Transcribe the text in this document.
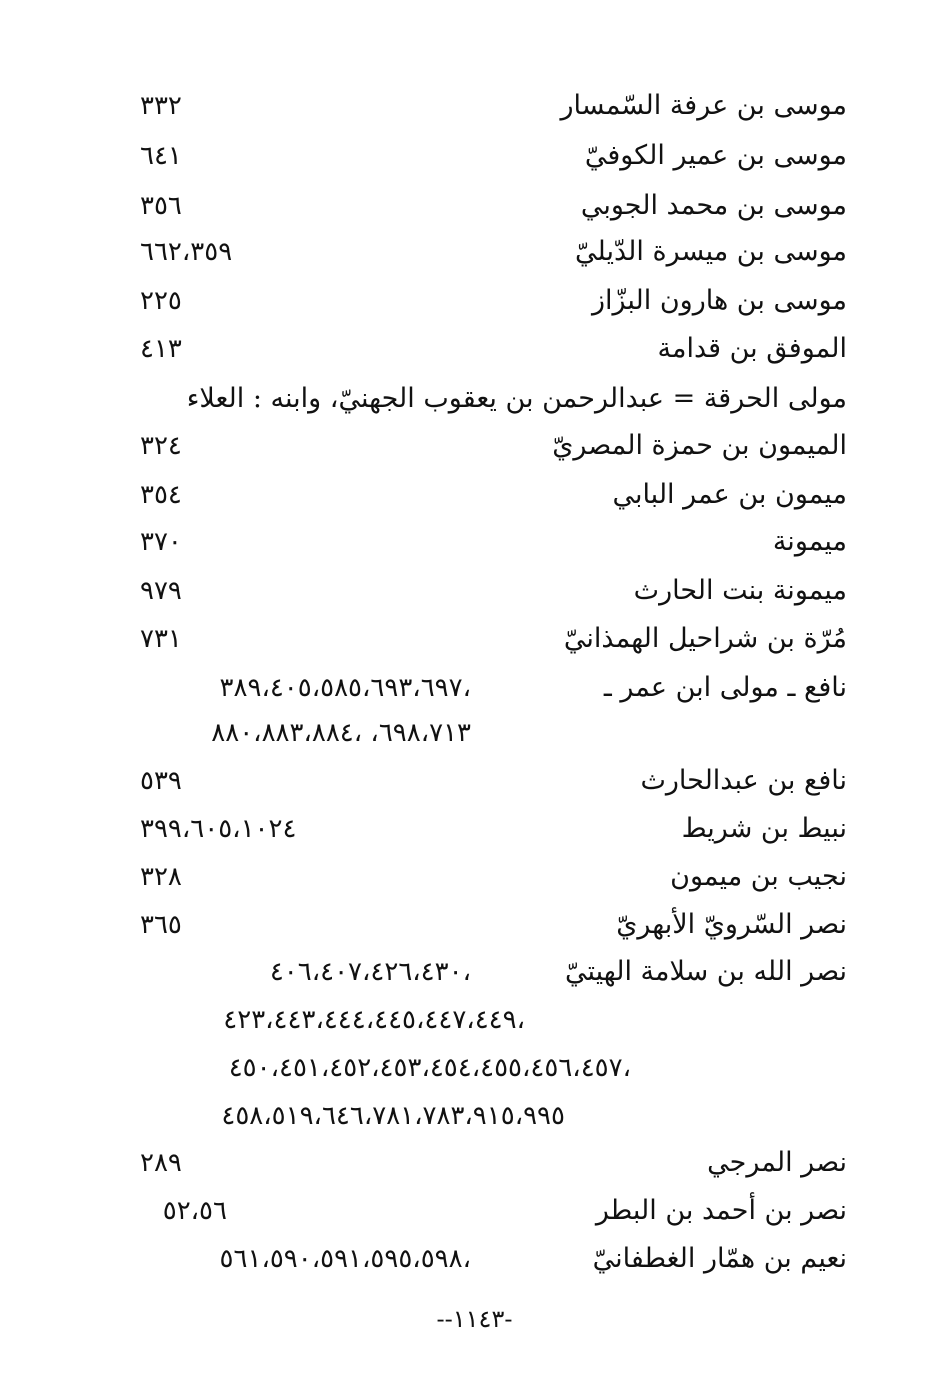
موسى بن عرفة السّمسار
٣٣٢
موسى بن عمير الكوفيّ
٦٤١
موسى بن محمد الجوبي
٣٥٦
موسى بن ميسرة الدّيليّ
٦٦٢،٣٥٩
موسى بن هارون البزّاز
٢٢٥
الموفق بن قدامة
٤١٣
مولى الحرقة = عبدالرحمن بن يعقوب الجهنيّ، وابنه : العلاء
الميمون بن حمزة المصريّ
٣٢٤
ميمون بن عمر البابي
٣٥٤
ميمونة
٣٧٠
ميمونة بنت الحارث
٩٧٩
مُرّة بن شراحيل الهمذانيّ
٧٣١
نافع ـ مولى ابن عمر ـ
٣٨٩،٤٠٥،٥٨٥،٦٩٣،٦٩٧،
٦٩٨،٧١٣، ،٨٨٠،٨٨٣،٨٨٤
نافع بن عبدالحارث
٥٣٩
نبيط بن شريط
٣٩٩،٦٠٥،١٠٢٤
نجيب بن ميمون
٣٢٨
نصر السّرويّ الأبهريّ
٣٦٥
نصر الله بن سلامة الهيتيّ
٤٠٦،٤٠٧،٤٢٦،٤٣٠،
٤٢٣،٤٤٣،٤٤٤،٤٤٥،٤٤٧،٤٤٩،
٤٥٠،٤٥١،٤٥٢،٤٥٣،٤٥٤،٤٥٥،٤٥٦،٤٥٧،
٤٥٨،٥١٩،٦٤٦،٧٨١،٧٨٣،٩١٥،٩٩٥
نصر المرجي
٢٨٩
نصر بن أحمد بن البطر
٥٢،٥٦
نعيم بن همّار الغطفانيّ
٥٦١،٥٩٠،٥٩١،٥٩٥،٥٩٨،
--١١٤٣-
